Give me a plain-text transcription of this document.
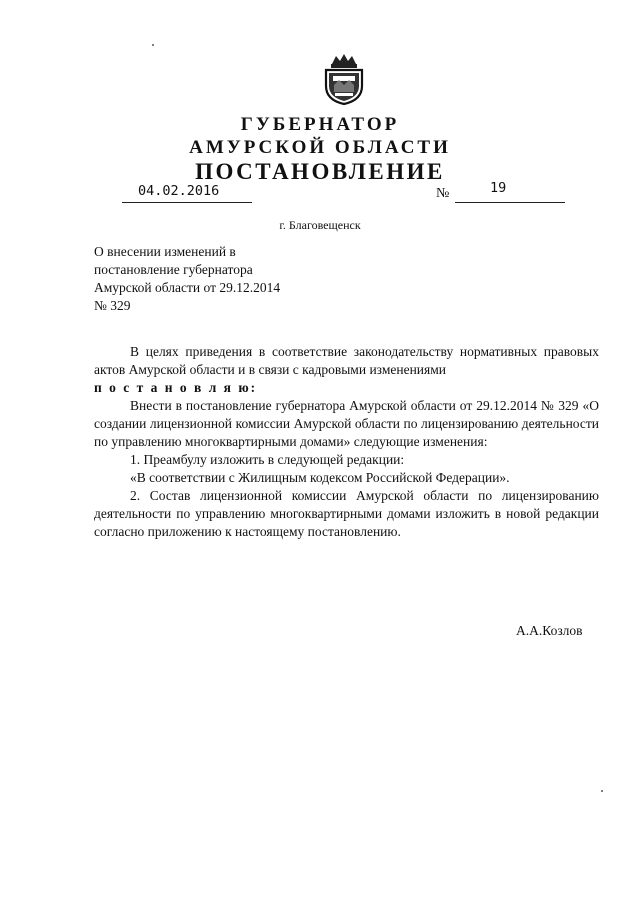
ГУБЕРНАТОР
АМУРСКОЙ ОБЛАСТИ
ПОСТАНОВЛЕНИЕ
04.02.2016	№	19
г. Благовещенск
О внесении изменений в
постановление губернатора
Амурской области от 29.12.2014
№ 329
В целях приведения в соответствие законодательству нормативных правовых актов Амурской области и в связи с кадровыми изменениями
п о с т а н о в л я ю:
Внести в постановление губернатора Амурской области от 29.12.2014 № 329 «О создании лицензионной комиссии Амурской области по лицензированию деятельности по управлению многоквартирными домами» следующие изменения:
1. Преамбулу изложить в следующей редакции:
«В соответствии с Жилищным кодексом Российской Федерации».
2. Состав лицензионной комиссии Амурской области по лицензированию деятельности по управлению многоквартирными домами изложить в новой редакции согласно приложению к настоящему постановлению.
А.А.Козлов
